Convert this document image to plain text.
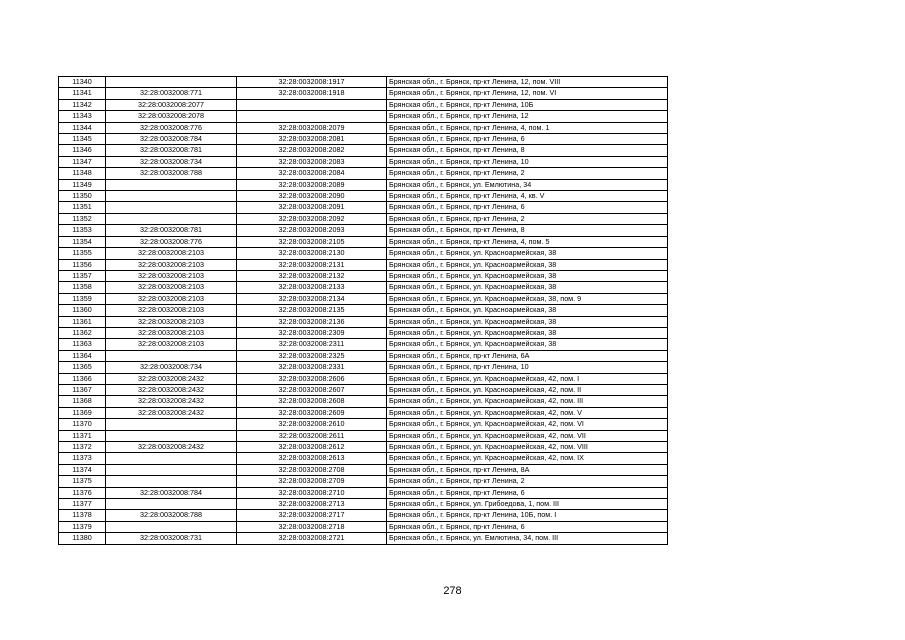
11340		32:28:0032008:1917	Брянская обл., г. Брянск, пр-кт Ленина, 12, пом. VIII
11341	32:28:0032008:771	32:28:0032008:1918	Брянская обл., г. Брянск, пр-кт Ленина, 12, пом. VI
11342	32:28:0032008:2077		Брянская обл., г. Брянск, пр-кт Ленина, 10Б
11343	32:28:0032008:2078		Брянская обл., г. Брянск, пр-кт Ленина, 12
11344	32:28:0032008:776	32:28:0032008:2079	Брянская обл., г. Брянск, пр-кт Ленина, 4, пом. 1
11345	32:28:0032008:784	32:28:0032008:2081	Брянская обл., г. Брянск, пр-кт Ленина, 6
11346	32:28:0032008:781	32:28:0032008:2082	Брянская обл., г. Брянск, пр-кт Ленина, 8
11347	32:28:0032008:734	32:28:0032008:2083	Брянская обл., г. Брянск, пр-кт Ленина, 10
11348	32:28:0032008:788	32:28:0032008:2084	Брянская обл., г. Брянск, пр-кт Ленина, 2
11349		32:28:0032008:2089	Брянская обл., г. Брянск, ул. Емлютина, 34
11350		32:28:0032008:2090	Брянская обл., г. Брянск, пр-кт Ленина, 4, кв. V
11351		32:28:0032008:2091	Брянская обл., г. Брянск, пр-кт Ленина, 6
11352		32:28:0032008:2092	Брянская обл., г. Брянск, пр-кт Ленина, 2
11353	32:28:0032008:781	32:28:0032008:2093	Брянская обл., г. Брянск, пр-кт Ленина, 8
11354	32:28:0032008:776	32:28:0032008:2105	Брянская обл., г. Брянск, пр-кт Ленина, 4, пом. 5
11355	32:28:0032008:2103	32:28:0032008:2130	Брянская обл., г. Брянск, ул. Красноармейская, 38
11356	32:28:0032008:2103	32:28:0032008:2131	Брянская обл., г. Брянск, ул. Красноармейская, 38
11357	32:28:0032008:2103	32:28:0032008:2132	Брянская обл., г. Брянск, ул. Красноармейская, 38
11358	32:28:0032008:2103	32:28:0032008:2133	Брянская обл., г. Брянск, ул. Красноармейская, 38
11359	32:28:0032008:2103	32:28:0032008:2134	Брянская обл., г. Брянск, ул. Красноармейская, 38, пом. 9
11360	32:28:0032008:2103	32:28:0032008:2135	Брянская обл., г. Брянск, ул. Красноармейская, 38
11361	32:28:0032008:2103	32:28:0032008:2136	Брянская обл., г. Брянск, ул. Красноармейская, 38
11362	32:28:0032008:2103	32:28:0032008:2309	Брянская обл., г. Брянск, ул. Красноармейская, 38
11363	32:28:0032008:2103	32:28:0032008:2311	Брянская обл., г. Брянск, ул. Красноармейская, 38
11364		32:28:0032008:2325	Брянская обл., г. Брянск, пр-кт Ленина, 6А
11365	32:28:0032008:734	32:28:0032008:2331	Брянская обл., г. Брянск, пр-кт Ленина, 10
11366	32:28:0032008:2432	32:28:0032008:2606	Брянская обл., г. Брянск, ул. Красноармейская, 42, пом. I
11367	32:28:0032008:2432	32:28:0032008:2607	Брянская обл., г. Брянск, ул. Красноармейская, 42, пом. II
11368	32:28:0032008:2432	32:28:0032008:2608	Брянская обл., г. Брянск, ул. Красноармейская, 42, пом. III
11369	32:28:0032008:2432	32:28:0032008:2609	Брянская обл., г. Брянск, ул. Красноармейская, 42, пом. V
11370		32:28:0032008:2610	Брянская обл., г. Брянск, ул. Красноармейская, 42, пом. VI
11371		32:28:0032008:2611	Брянская обл., г. Брянск, ул. Красноармейская, 42, пом. VII
11372	32:28:0032008:2432	32:28:0032008:2612	Брянская обл., г. Брянск, ул. Красноармейская, 42, пом. VIII
11373		32:28:0032008:2613	Брянская обл., г. Брянск, ул. Красноармейская, 42, пом. IX
11374		32:28:0032008:2708	Брянская обл., г. Брянск, пр-кт Ленина, 8А
11375		32:28:0032008:2709	Брянская обл., г. Брянск, пр-кт Ленина, 2
11376	32:28:0032008:784	32:28:0032008:2710	Брянская обл., г. Брянск, пр-кт Ленина, 6
11377		32:28:0032008:2713	Брянская обл., г. Брянск, ул. Грибоедова, 1, пом. III
11378	32:28:0032008:788	32:28:0032008:2717	Брянская обл., г. Брянск, пр-кт Ленина, 10Б, пом. I
11379		32:28:0032008:2718	Брянская обл., г. Брянск, пр-кт Ленина, 6
11380	32:28:0032008:731	32:28:0032008:2721	Брянская обл., г. Брянск, ул. Емлютина, 34, пом. III
278
